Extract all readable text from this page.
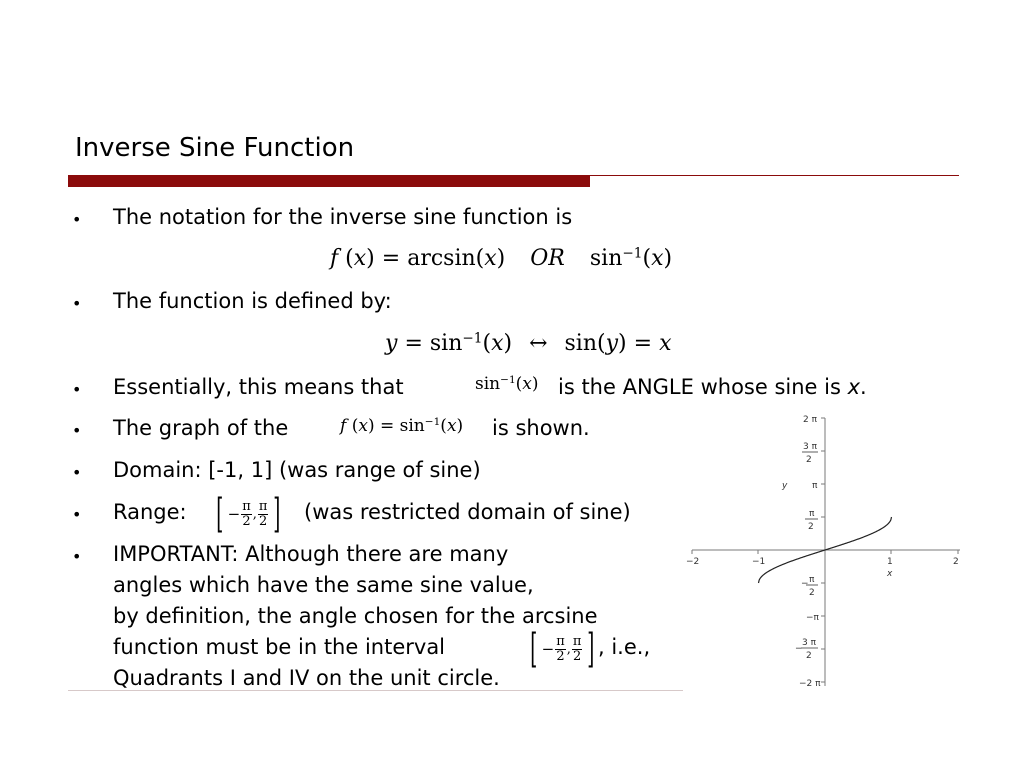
Inverse Sine Function
• The notation for the inverse sine function is
f (x) = arcsin(x) OR $\sin^{-1}(x)$
• The function is defined by:
$y = \sin^{-1}(x)$ ↔ sin(y) = x
• Essentially, this means that	$\sin^{-1}(x)$ is the ANGLE whose sine is x.
• The graph of the	f $(x) = \sin^{-1}(x)$ is shown.
• Domain: [-1, 1] (was range of sine)
• Range: [ − $\frac{\pi}{2}$ , $\frac{\pi}{2}$ ] (was restricted domain of sine)
• IMPORTANT: Although there are many
angles which have the same sine value,
by definition, the angle chosen for the arcsine
function must be in the interval [ − $\frac{\pi}{2}$ , $\frac{\pi}{2}$ ] , i.e.,
Quadrants I and IV on the unit circle.
−2	−1	1	2
x
y
2 π
3 π
2
π
π
2
− π
2
−π
−
3 π
2
−2 π
